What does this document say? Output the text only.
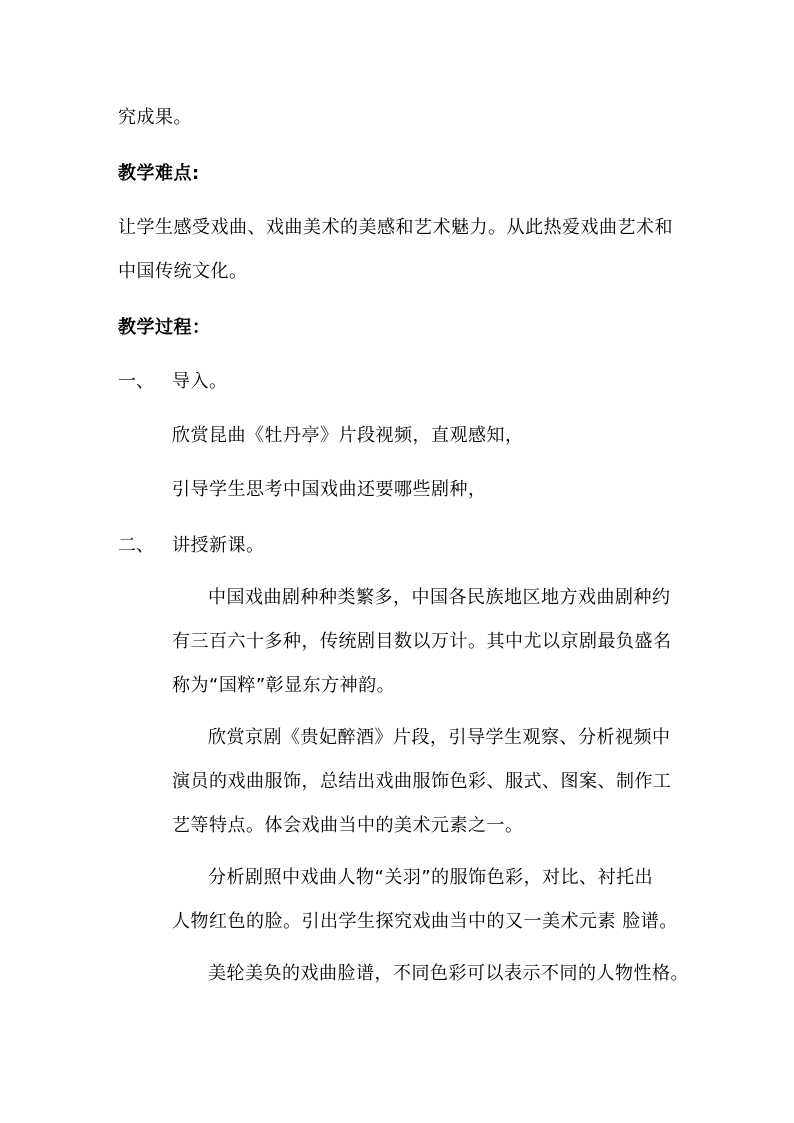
究成果。
教学难点:
让学生感受戏曲、戏曲美术的美感和艺术魅力。从此热爱戏曲艺术和
中国传统文化。
教学过程：
一、 导入。
欣赏昆曲《牡丹亭》片段视频，直观感知，
引导学生思考中国戏曲还要哪些剧种，
二、 讲授新课。
中国戏曲剧种种类繁多，中国各民族地区地方戏曲剧种约
有三百六十多种，传统剧目数以万计。其中尤以京剧最负盛名
称为“国粹”彰显东方神韵。
欣赏京剧《贵妃醉酒》片段，引导学生观察、分析视频中
演员的戏曲服饰，总结出戏曲服饰色彩、服式、图案、制作工
艺等特点。体会戏曲当中的美术元素之一。
分析剧照中戏曲人物“关羽”的服饰色彩，对比、衬托出
人物红色的脸。引出学生探究戏曲当中的又一美术元素 脸谱。
美轮美奂的戏曲脸谱，不同色彩可以表示不同的人物性格。
